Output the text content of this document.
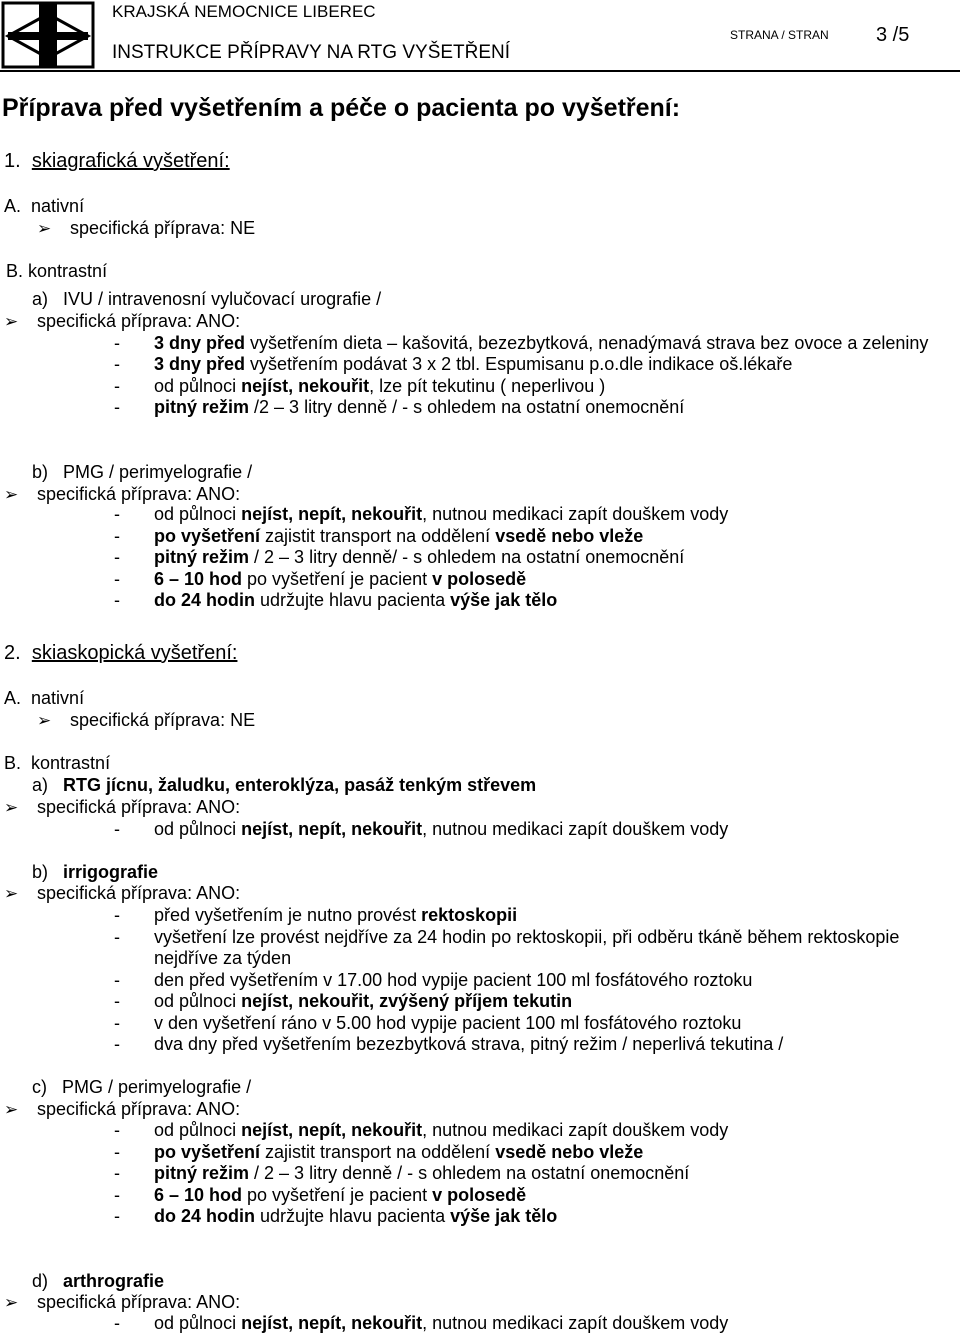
KRAJSKÁ NEMOCNICE LIBEREC
INSTRUKCE PŘÍPRAVY NA RTG VYŠETŘENÍ
STRANA / STRAN 3 /5
Příprava před vyšetřením a péče o pacienta po vyšetření:
1. skiagrafická vyšetření:
A. nativní
➢ specifická příprava: NE
B. kontrastní
a) IVU / intravenosní vylučovací urografie /
➢ specifická příprava: ANO:
- 3 dny před vyšetřením dieta – kašovitá, bezezbytková, nenadýmavá strava bez ovoce a zeleniny
- 3 dny před vyšetřením podávat 3 x 2 tbl. Espumisanu p.o.dle indikace oš.lékaře
- od půlnoci nejíst, nekouřit, lze pít tekutinu ( neperlivou )
- pitný režim /2 – 3 litry denně / - s ohledem na ostatní onemocnění
b) PMG / perimyelografie /
➢ specifická příprava: ANO:
- od půlnoci nejíst, nepít, nekouřit, nutnou medikaci zapít douškem vody
- po vyšetření zajistit transport na oddělení vsedě nebo vleže
- pitný režim / 2 – 3 litry denně/ - s ohledem na ostatní onemocnění
- 6 – 10 hod po vyšetření je pacient v polosedě
- do 24 hodin udržujte hlavu pacienta výše jak tělo
2. skiaskopická vyšetření:
A. nativní
➢ specifická příprava: NE
B. kontrastní
a) RTG jícnu, žaludku, enteroklýza, pasáž tenkým střevem
➢ specifická příprava: ANO:
- od půlnoci nejíst, nepít, nekouřit, nutnou medikaci zapít douškem vody
b) irrigografie
➢ specifická příprava: ANO:
- před vyšetřením je nutno provést rektoskopii
- vyšetření lze provést nejdříve za 24 hodin po rektoskopii, při odběru tkáně během rektoskopie
nejdříve za týden
- den před vyšetřením v 17.00 hod vypije pacient 100 ml fosfátového roztoku
- od půlnoci nejíst, nekouřit, zvýšený příjem tekutin
- v den vyšetření ráno v 5.00 hod vypije pacient 100 ml fosfátového roztoku
- dva dny před vyšetřením bezezbytková strava, pitný režim / neperlivá tekutina /
c) PMG / perimyelografie /
➢ specifická příprava: ANO:
- od půlnoci nejíst, nepít, nekouřit, nutnou medikaci zapít douškem vody
- po vyšetření zajistit transport na oddělení vsedě nebo vleže
- pitný režim / 2 – 3 litry denně / - s ohledem na ostatní onemocnění
- 6 – 10 hod po vyšetření je pacient v polosedě
- do 24 hodin udržujte hlavu pacienta výše jak tělo
d) arthrografie
➢ specifická příprava: ANO:
- od půlnoci nejíst, nepít, nekouřit, nutnou medikaci zapít douškem vody
